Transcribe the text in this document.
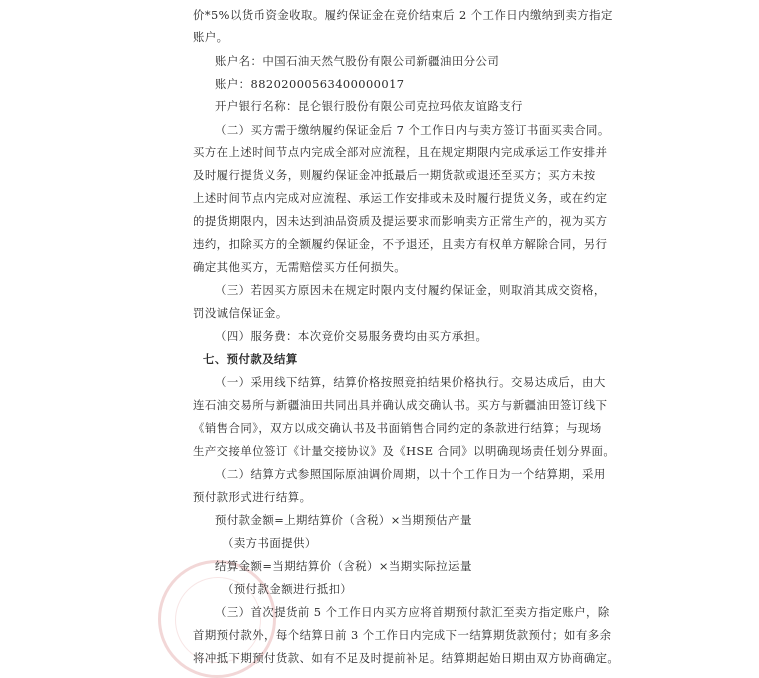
价*5%以货币资金收取。履约保证金在竞价结束后 2 个工作日内缴纳到卖方指定
账户。
账户名：中国石油天然气股份有限公司新疆油田分公司
账户：88202000563400000017
开户银行名称：昆仑银行股份有限公司克拉玛依友谊路支行
（二）买方需于缴纳履约保证金后 7 个工作日内与卖方签订书面买卖合同。
买方在上述时间节点内完成全部对应流程，且在规定期限内完成承运工作安排并
及时履行提货义务，则履约保证金冲抵最后一期货款或退还至买方；买方未按
上述时间节点内完成对应流程、承运工作安排或未及时履行提货义务，或在约定
的提货期限内，因未达到油品资质及提运要求而影响卖方正常生产的，视为买方
违约，扣除买方的全额履约保证金，不予退还，且卖方有权单方解除合同，另行
确定其他买方，无需赔偿买方任何损失。
（三）若因买方原因未在规定时限内支付履约保证金，则取消其成交资格，
罚没诚信保证金。
（四）服务费：本次竞价交易服务费均由买方承担。
七、预付款及结算
（一）采用线下结算，结算价格按照竞拍结果价格执行。交易达成后，由大
连石油交易所与新疆油田共同出具并确认成交确认书。买方与新疆油田签订线下
《销售合同》，双方以成交确认书及书面销售合同约定的条款进行结算；与现场
生产交接单位签订《计量交接协议》及《HSE 合同》以明确现场责任划分界面。
（二）结算方式参照国际原油调价周期，以十个工作日为一个结算期，采用
预付款形式进行结算。
预付款金额=上期结算价（含税）×当期预估产量
（卖方书面提供）
结算金额=当期结算价（含税）×当期实际拉运量
（预付款金额进行抵扣）
（三）首次提货前 5 个工作日内买方应将首期预付款汇至卖方指定账户，除
首期预付款外，每个结算日前 3 个工作日内完成下一结算期货款预付；如有多余
将冲抵下期预付货款、如有不足及时提前补足。结算期起始日期由双方协商确定。
